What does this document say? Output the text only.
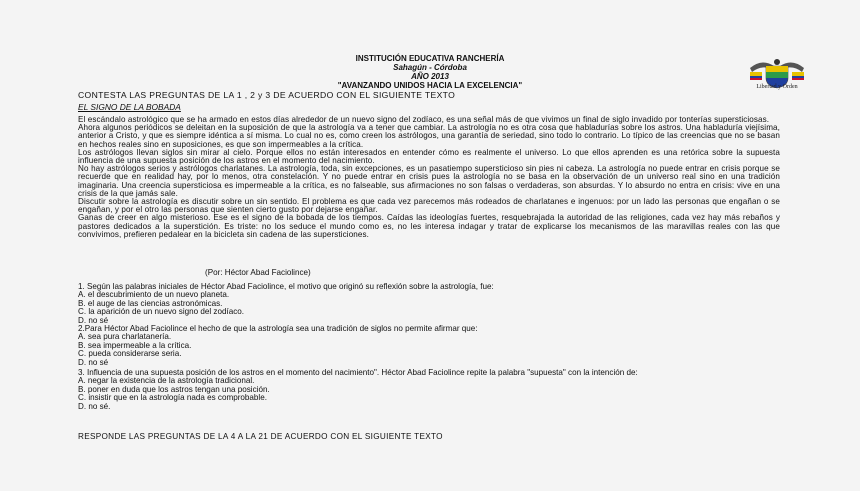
INSTITUCIÓN EDUCATIVA RANCHERÍA
Sahagún - Córdoba
AÑO 2013
"AVANZANDO UNIDOS HACIA LA EXCELENCIA"	Libertad y Orden
CONTESTA LAS PREGUNTAS DE LA 1 , 2 y 3 DE ACUERDO CON EL SIGUIENTE TEXTO
EL SIGNO DE LA BOBADA

El escándalo astrológico que se ha armado en estos días alrededor de un nuevo signo del zodíaco, es una señal más de que vivimos un final de siglo invadido por tonterías supersticiosas.

Ahora algunos periódicos se deleitan en la suposición de que la astrología va a tener que cambiar. La astrología no es otra cosa que habladurías sobre los astros. Una habladuría viejísima, anterior a Cristo, y que es siempre idéntica a sí misma. Lo cual no es, como creen los astrólogos, una garantía de seriedad, sino todo lo contrario. Lo típico de las creencias que no se basan en hechos reales sino en suposiciones, es que son impermeables a la crítica.

Los astrólogos llevan siglos sin mirar al cielo. Porque ellos no están interesados en entender cómo es realmente el universo. Lo que ellos aprenden es una retórica sobre la supuesta influencia de una supuesta posición de los astros en el momento del nacimiento.

No hay astrólogos serios y astrólogos charlatanes. La astrología, toda, sin excepciones, es un pasatiempo supersticioso sin pies ni cabeza. La astrología no puede entrar en crisis porque se recuerde que en realidad hay, por lo menos, otra constelación. Y no puede entrar en crisis pues la astrología no se basa en la observación de un universo real sino en una tradición imaginaria. Una creencia supersticiosa es impermeable a la crítica, es no falseable, sus afirmaciones no son falsas o verdaderas, son absurdas. Y lo absurdo no entra en crisis: vive en una crisis de la que jamás sale.

Discutir sobre la astrología es discutir sobre un sin sentido. El problema es que cada vez parecemos más rodeados de charlatanes e ingenuos: por un lado las personas que engañan o se engañan, y por el otro las personas que sienten cierto gusto por dejarse engañar.

Ganas de creer en algo misterioso. Ese es el signo de la bobada de los tiempos. Caídas las ideologías fuertes, resquebrajada la autoridad de las religiones, cada vez hay más rebaños y pastores dedicados a la superstición. Es triste: no los seduce el mundo como es, no les interesa indagar y tratar de explicarse los mecanismos de las maravillas reales con las que convivimos, prefieren pedalear en la bicicleta sin cadena de las supersticiones.

(Por: Héctor Abad Faciolince)

1. Según las palabras iniciales de Héctor Abad Faciolince, el motivo que originó su reflexión sobre la astrología, fue:

A. el descubrimiento de un nuevo planeta.

B. el auge de las ciencias astronómicas.

C. la aparición de un nuevo signo del zodíaco.

D. no sé

2.Para Héctor Abad Faciolince el hecho de que la astrología sea una tradición de siglos no permite afirmar que:

A. sea pura charlatanería.

B. sea impermeable a la crítica.

C. pueda considerarse seria.

D. no sé

3. Influencia de una supuesta posición de los astros en el momento del nacimiento". Héctor Abad Faciolince repite la palabra "supuesta" con la intención de:

A. negar la existencia de la astrología tradicional.

B. poner en duda que los astros tengan una posición.

C. insistir que en la astrología nada es comprobable.

D. no sé.

RESPONDE LAS PREGUNTAS DE LA 4 A LA 21 DE ACUERDO CON EL SIGUIENTE TEXTO
